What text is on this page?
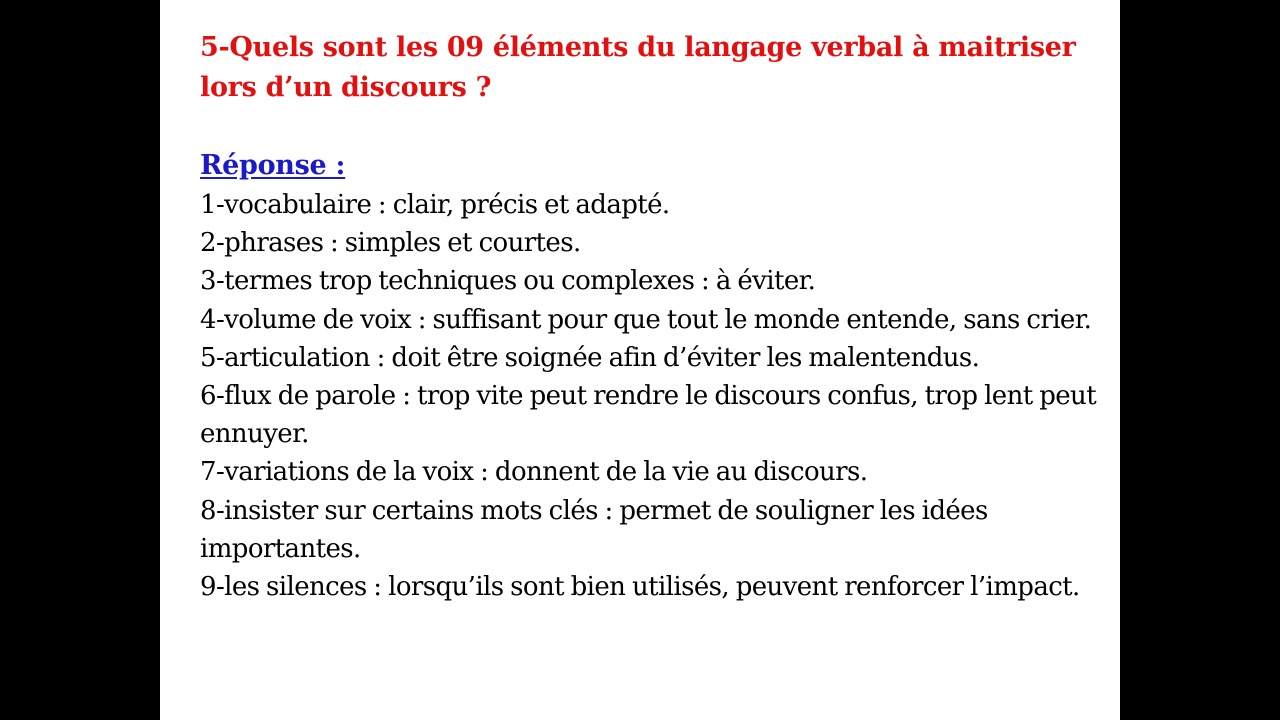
5-Quels sont les 09 éléments du langage verbal à maitriser lors d’un discours ?

Réponse :

1-vocabulaire : clair, précis et adapté.
2-phrases : simples et courtes.
3-termes trop techniques ou complexes : à éviter.
4-volume de voix : suffisant pour que tout le monde entende, sans crier.
5-articulation : doit être soignée afin d’éviter les malentendus.
6-flux de parole : trop vite peut rendre le discours confus, trop lent peut ennuyer.
7-variations de la voix : donnent de la vie au discours.
8-insister sur certains mots clés : permet de souligner les idées importantes.
9-les silences : lorsqu’ils sont bien utilisés, peuvent renforcer l’impact.
